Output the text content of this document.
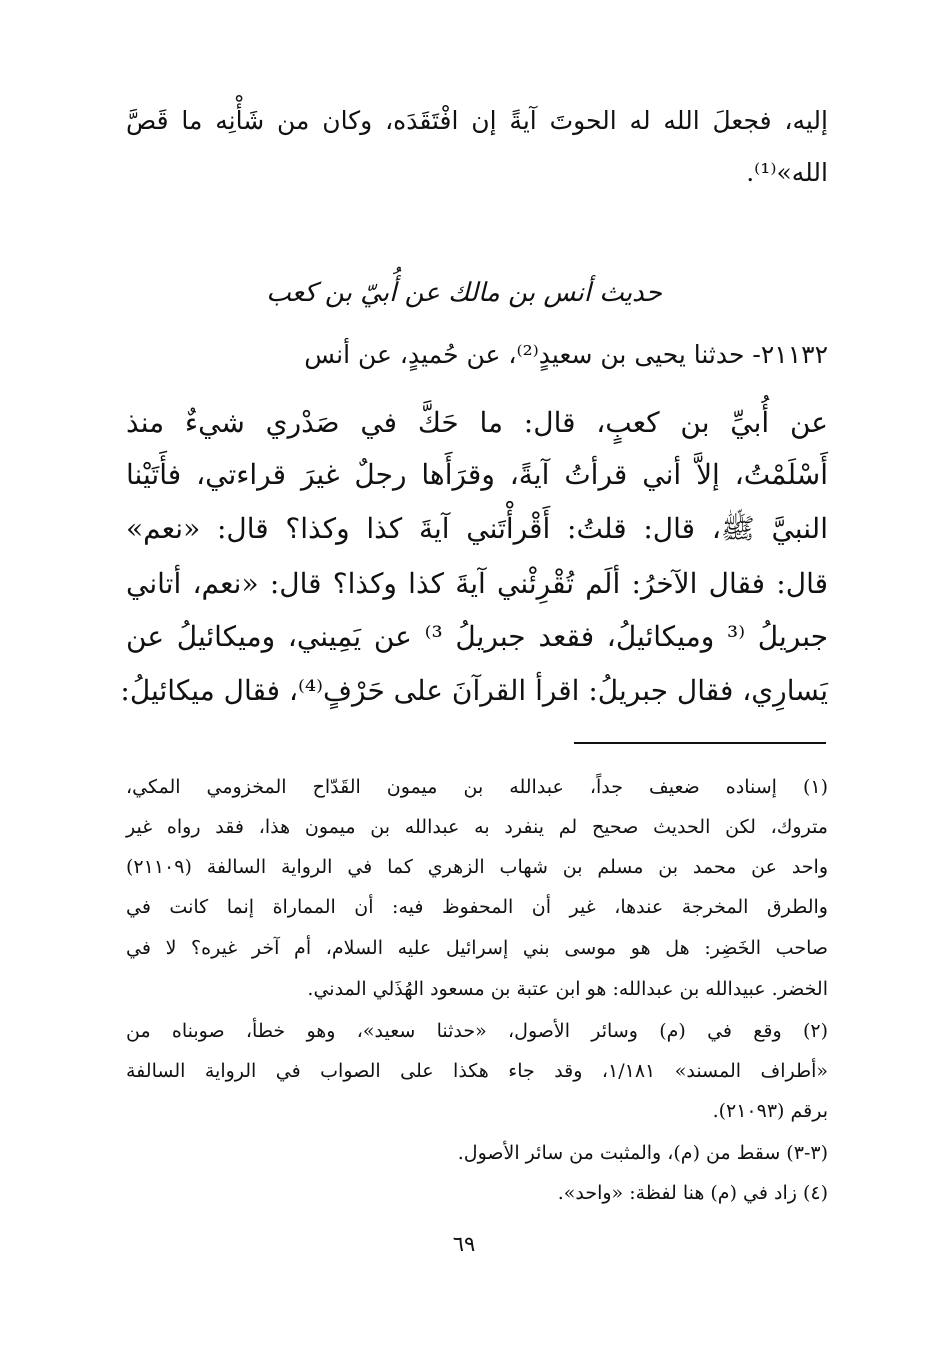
إليه، فجعلَ الله له الحوتَ آيةً إن افْتَقَدَه، وكان من شَأْنِه ما قَصَّ
الله»⁽¹⁾.
حديث أنس بن مالك عن أُبيّ بن كعب
٢١١٣٢- حدثنا يحيى بن سعيدٍ⁽²⁾، عن حُميدٍ، عن أنس
عن أُبيِّ بن كعبٍ، قال: ما حَكَّ في صَدْري شيءٌ منذ
أَسْلَمْتُ، إلاَّ أني قرأتُ آيةً، وقرَأَها رجلٌ غيرَ قراءتي، فأَتَيْنا
النبيَّ ﷺ، قال: قلتُ: أَقْرأْتَني آيةَ كذا وكذا؟ قال: «نعم»
قال: فقال الآخرُ: ألَم تُقْرِئْني آيةَ كذا وكذا؟ قال: «نعم، أتاني
جبريلُ ⁽³ وميكائيلُ، فقعد جبريلُ ³⁾ عن يَمِيني، وميكائيلُ عن
يَسارِي، فقال جبريلُ: اقرأ القرآنَ على حَرْفٍ⁽⁴⁾، فقال ميكائيلُ:
(١) إسناده ضعيف جداً، عبدالله بن ميمون القَدّاح المخزومي المكي،
متروك، لكن الحديث صحيح لم ينفرد به عبدالله بن ميمون هذا، فقد رواه غير
واحد عن محمد بن مسلم بن شهاب الزهري كما في الرواية السالفة (٢١١٠٩)
والطرق المخرجة عندها، غير أن المحفوظ فيه: أن المماراة إنما كانت في
صاحب الخَضِر: هل هو موسى بني إسرائيل عليه السلام، أم آخر غيره؟ لا في
الخضر. عبيدالله بن عبدالله: هو ابن عتبة بن مسعود الهُذَلي المدني.
(٢) وقع في (م) وسائر الأصول، «حدثنا سعيد»، وهو خطأ، صوبناه من
«أطراف المسند» ١/١٨١، وقد جاء هكذا على الصواب في الرواية السالفة
برقم (٢١٠٩٣).
(٣-٣) سقط من (م)، والمثبت من سائر الأصول.
(٤) زاد في (م) هنا لفظة: «واحد».
٦٩
